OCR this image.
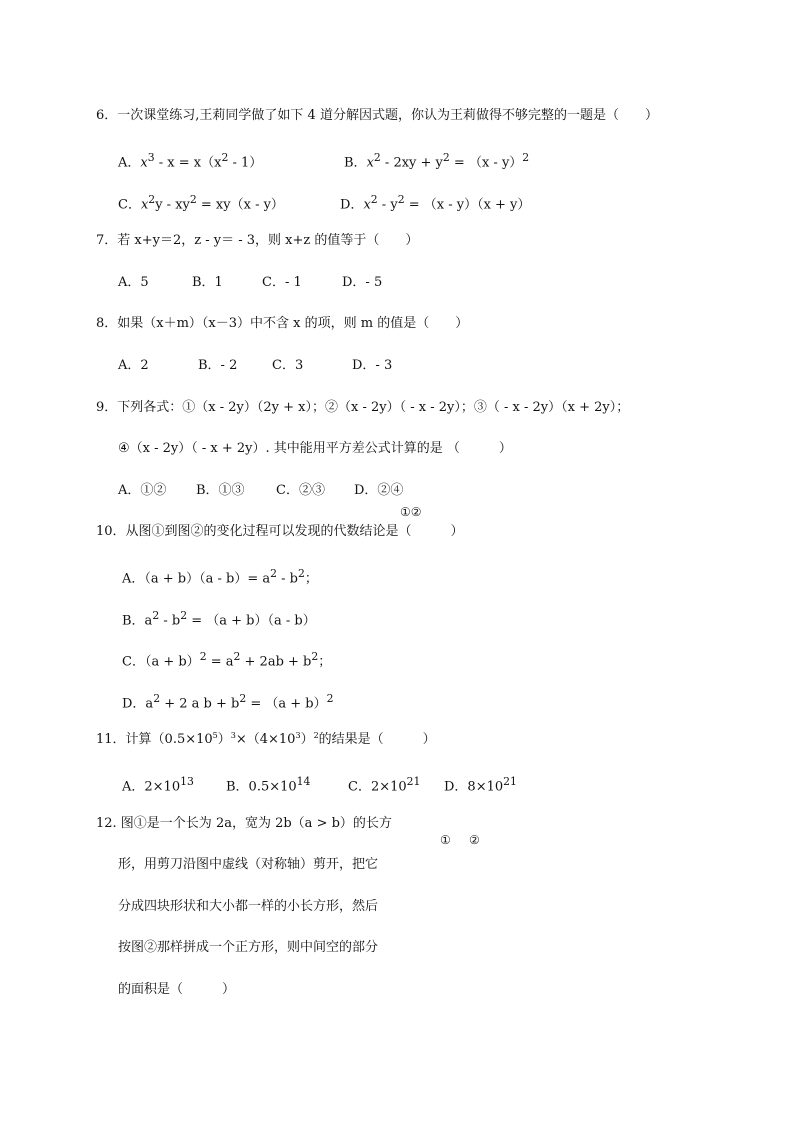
6．一次课堂练习,王莉同学做了如下 4 道分解因式题，你认为王莉做得不够完整的一题是（　　）
A．$x^3 - x = x(x^2 - 1)$	B．$x^2 - 2xy + y^2 = (x - y)^2$
C．$x^2y - xy^2 = xy(x - y)$	D．$x^2 - y^2 = (x - y)(x + y)$
7．若 x+y＝2，z - y＝ - 3，则 x+z 的值等于（　　）
A．5	B．1	C．- 1	D．- 5
8．如果（x＋m）（x－3）中不含 x 的项，则 m 的值是（　　）
A．2	B．- 2	C．3	D．- 3
9．下列各式：①（x - 2y）（2y + x）；②（x - 2y）（ - x - 2y）；③（ - x - 2y）（x + 2y）；
④（x - 2y）（ - x + 2y）. 其中能用平方差公式计算的是 （　　　）
A．①② B．①③ C．②③ D．②④
①②
10．从图①到图②的变化过程可以发现的代数结论是（　　　）
A．$(a + b)(a - b)= a^2 - b^2$；
B．$a^2 - b^2 = (a + b)(a - b)$
C．$(a + b)^2 = a^2 + 2ab + b^2$；
D．$a^2 + 2$ a $b + b^2 = (a + b)^2$
11．计算$(0.5\times 10^5)^3\times(4\times 10^3)^2$的结果是（　　　）
A．$2\times 10^{13}$ B．$0.5\times 10^{14}$	C．$2\times 10^{21}$ D．$8\times 10^{21}$
12. 图①是一个长为 2a，宽为 2b（a > b）的长方
形，用剪刀沿图中虚线（对称轴）剪开，把它
分成四块形状和大小都一样的小长方形，然后
按图②那样拼成一个正方形，则中间空的部分
的面积是（　　　）
① ②
